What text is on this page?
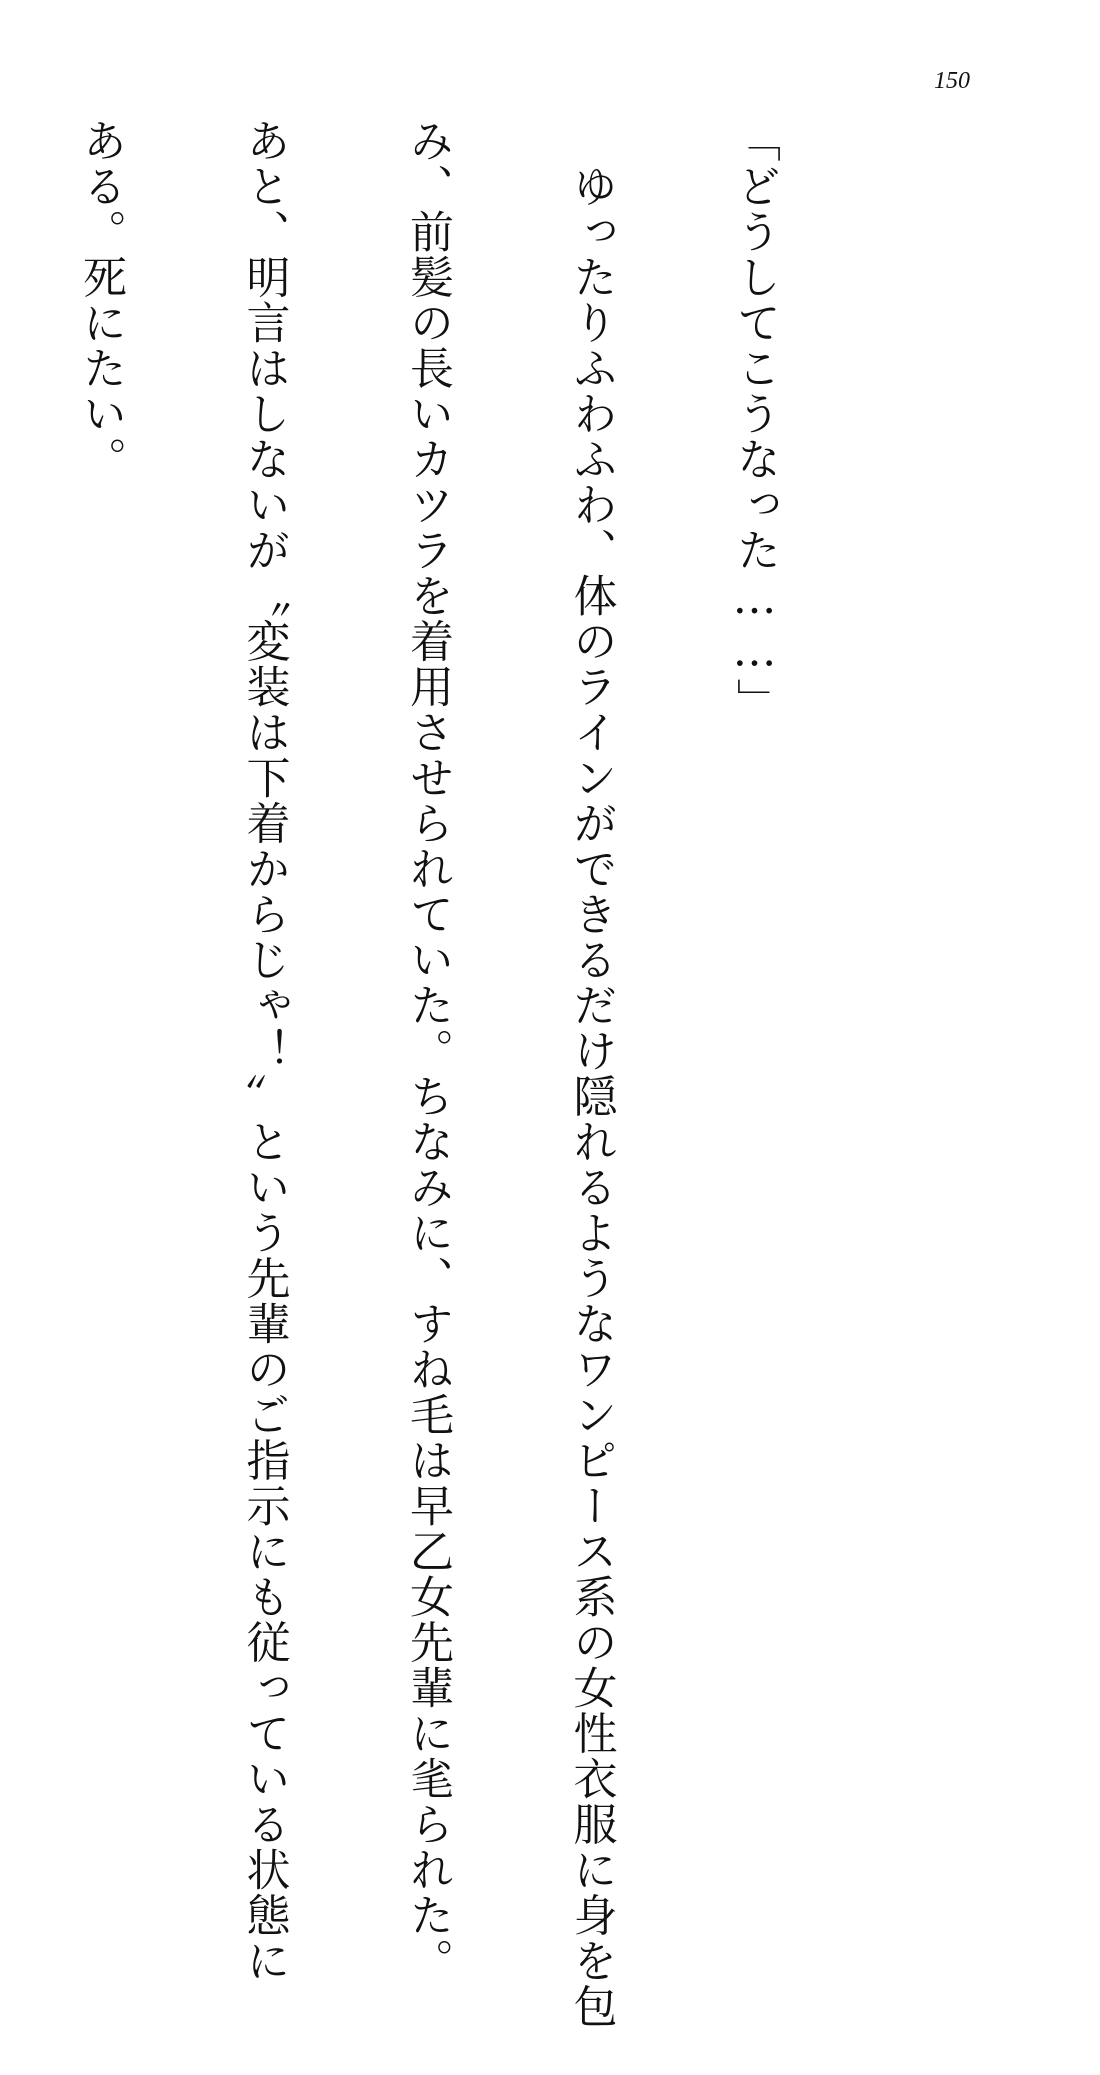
150

「どうしてこうなった……」

　ゆったりふわふわ、体のラインができるだけ隠れるようなワンピース系の女性衣服に身を包

み、前髪の長いカツラを着用させられていた。ちなみに、すね毛は早乙女先輩に毟られた。

あと、明言はしないが〝変装は下着からじゃ！〟という先輩のご指示にも従っている状態に

ある。死にたい。
